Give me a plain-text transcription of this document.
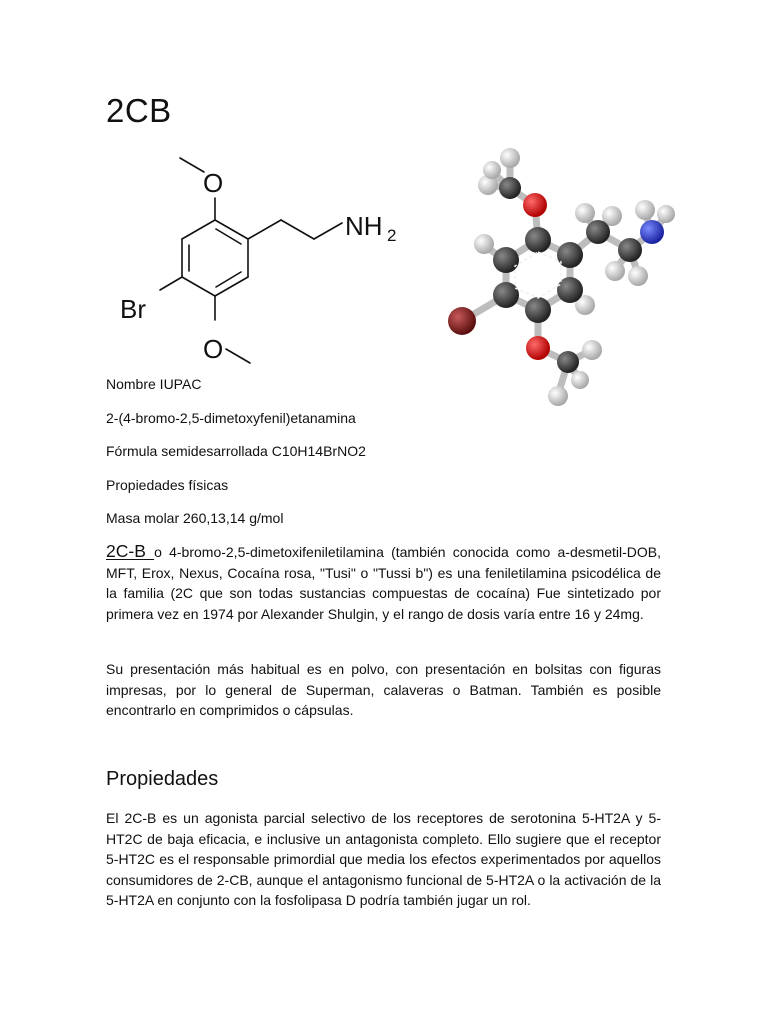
2CB
O
O
Br
NH 2

Nombre IUPAC

2-(4-bromo-2,5-dimetoxyfenil)etanamina

Fórmula semidesarrollada C10H14BrNO2

Propiedades físicas

Masa molar 260,13,14 g/mol

2C-B o 4-bromo-2,5-dimetoxifeniletilamina (también conocida como a-desmetil-DOB, MFT, Erox, Nexus, Cocaína rosa, "Tusi" o "Tussi b") es una feniletilamina psicodélica de la familia (2C que son todas sustancias compuestas de cocaína) Fue sintetizado por primera vez en 1974 por Alexander Shulgin, y el rango de dosis varía entre 16 y 24mg.

Su presentación más habitual es en polvo, con presentación en bolsitas con figuras impresas, por lo general de Superman, calaveras o Batman. También es posible encontrarlo en comprimidos o cápsulas.

Propiedades

El 2C-B es un agonista parcial selectivo de los receptores de serotonina 5-HT2A y 5-HT2C de baja eficacia, e inclusive un antagonista completo. Ello sugiere que el receptor 5-HT2C es el responsable primordial que media los efectos experimentados por aquellos consumidores de 2-CB, aunque el antagonismo funcional de 5-HT2A o la activación de la 5-HT2A en conjunto con la fosfolipasa D podría también jugar un rol.
